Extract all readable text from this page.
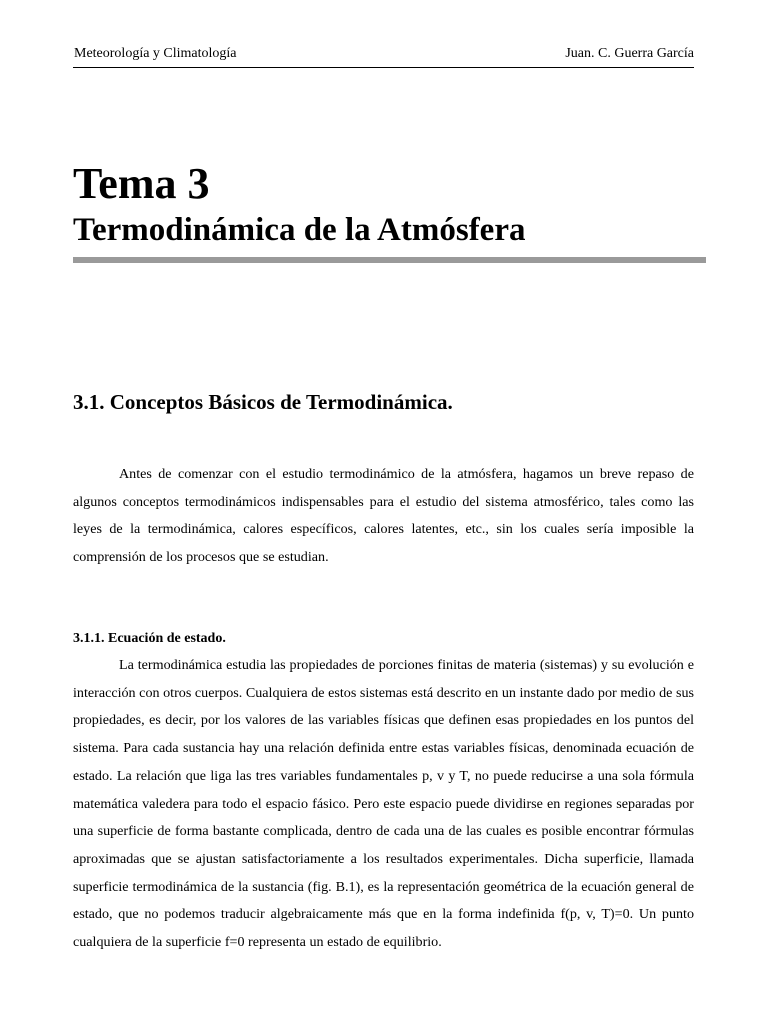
Meteorología y Climatología	Juan. C. Guerra García
Tema 3
Termodinámica de la Atmósfera
3.1. Conceptos Básicos de Termodinámica.

Antes de comenzar con el estudio termodinámico de la atmósfera, hagamos un breve repaso de algunos conceptos termodinámicos indispensables para el estudio del sistema atmosférico, tales como las leyes de la termodinámica, calores específicos, calores latentes, etc., sin los cuales sería imposible la comprensión de los procesos que se estudian.

3.1.1. Ecuación de estado.

La termodinámica estudia las propiedades de porciones finitas de materia (sistemas) y su evolución e interacción con otros cuerpos. Cualquiera de estos sistemas está descrito en un instante dado por medio de sus propiedades, es decir, por los valores de las variables físicas que definen esas propiedades en los puntos del sistema. Para cada sustancia hay una relación definida entre estas variables físicas, denominada ecuación de estado. La relación que liga las tres variables fundamentales p, v y T, no puede reducirse a una sola fórmula matemática valedera para todo el espacio fásico. Pero este espacio puede dividirse en regiones separadas por una superficie de forma bastante complicada, dentro de cada una de las cuales es posible encontrar fórmulas aproximadas que se ajustan satisfactoriamente a los resultados experimentales. Dicha superficie, llamada superficie termodinámica de la sustancia (fig. B.1), es la representación geométrica de la ecuación general de estado, que no podemos traducir algebraicamente más que en la forma indefinida f(p, v, T)=0. Un punto cualquiera de la superficie f=0 representa un estado de equilibrio.
